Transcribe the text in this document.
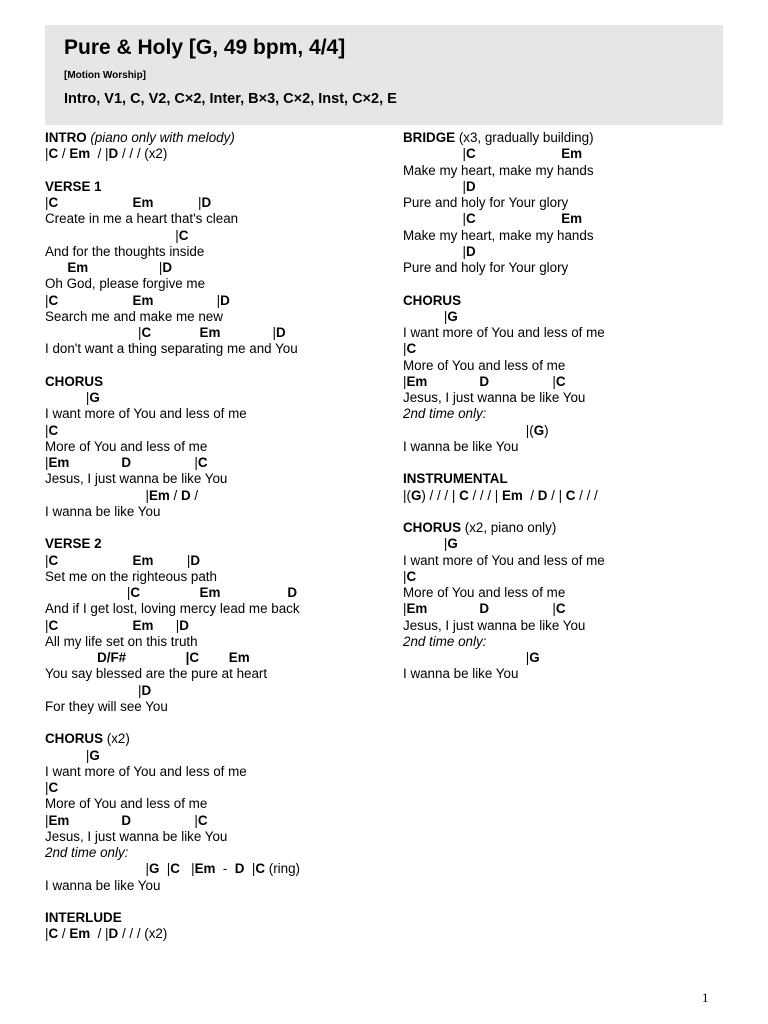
Pure & Holy [G, 49 bpm, 4/4]
[Motion Worship]
Intro, V1, C, V2, C×2, Inter, B×3, C×2, Inst, C×2, E
INTRO (piano only with melody)
|C / Em  / |D / / / (x2)
VERSE 1
|C                    Em            |D
Create in me a heart that's clean
|C
And for the thoughts inside
Em                   |D
Oh God, please forgive me
|C                    Em                 |D
Search me and make me new
|C             Em              |D
I don't want a thing separating me and You
CHORUS
|G
I want more of You and less of me
|C
More of You and less of me
|Em              D                 |C
Jesus, I just wanna be like You
|Em / D /
I wanna be like You
VERSE 2
|C                    Em         |D
Set me on the righteous path
|C                Em                  D
And if I get lost, loving mercy lead me back
|C                    Em      |D
All my life set on this truth
D/F#                |C        Em
You say blessed are the pure at heart
|D
For they will see You
CHORUS (x2)
|G
I want more of You and less of me
|C
More of You and less of me
|Em              D                 |C
Jesus, I just wanna be like You
2nd time only:
|G  |C   |Em  -  D  |C (ring)
I wanna be like You
INTERLUDE
|C / Em  / |D / / / (x2)
BRIDGE (x3, gradually building)
|C                       Em
Make my heart, make my hands
|D
Pure and holy for Your glory
|C                       Em
Make my heart, make my hands
|D
Pure and holy for Your glory
CHORUS
|G
I want more of You and less of me
|C
More of You and less of me
|Em              D                 |C
Jesus, I just wanna be like You
2nd time only:
|(G)
I wanna be like You
INSTRUMENTAL
|(G) / / / | C / / / | Em  / D / | C / / /
CHORUS (x2, piano only)
|G
I want more of You and less of me
|C
More of You and less of me
|Em              D                 |C
Jesus, I just wanna be like You
2nd time only:
|G
I wanna be like You
1
